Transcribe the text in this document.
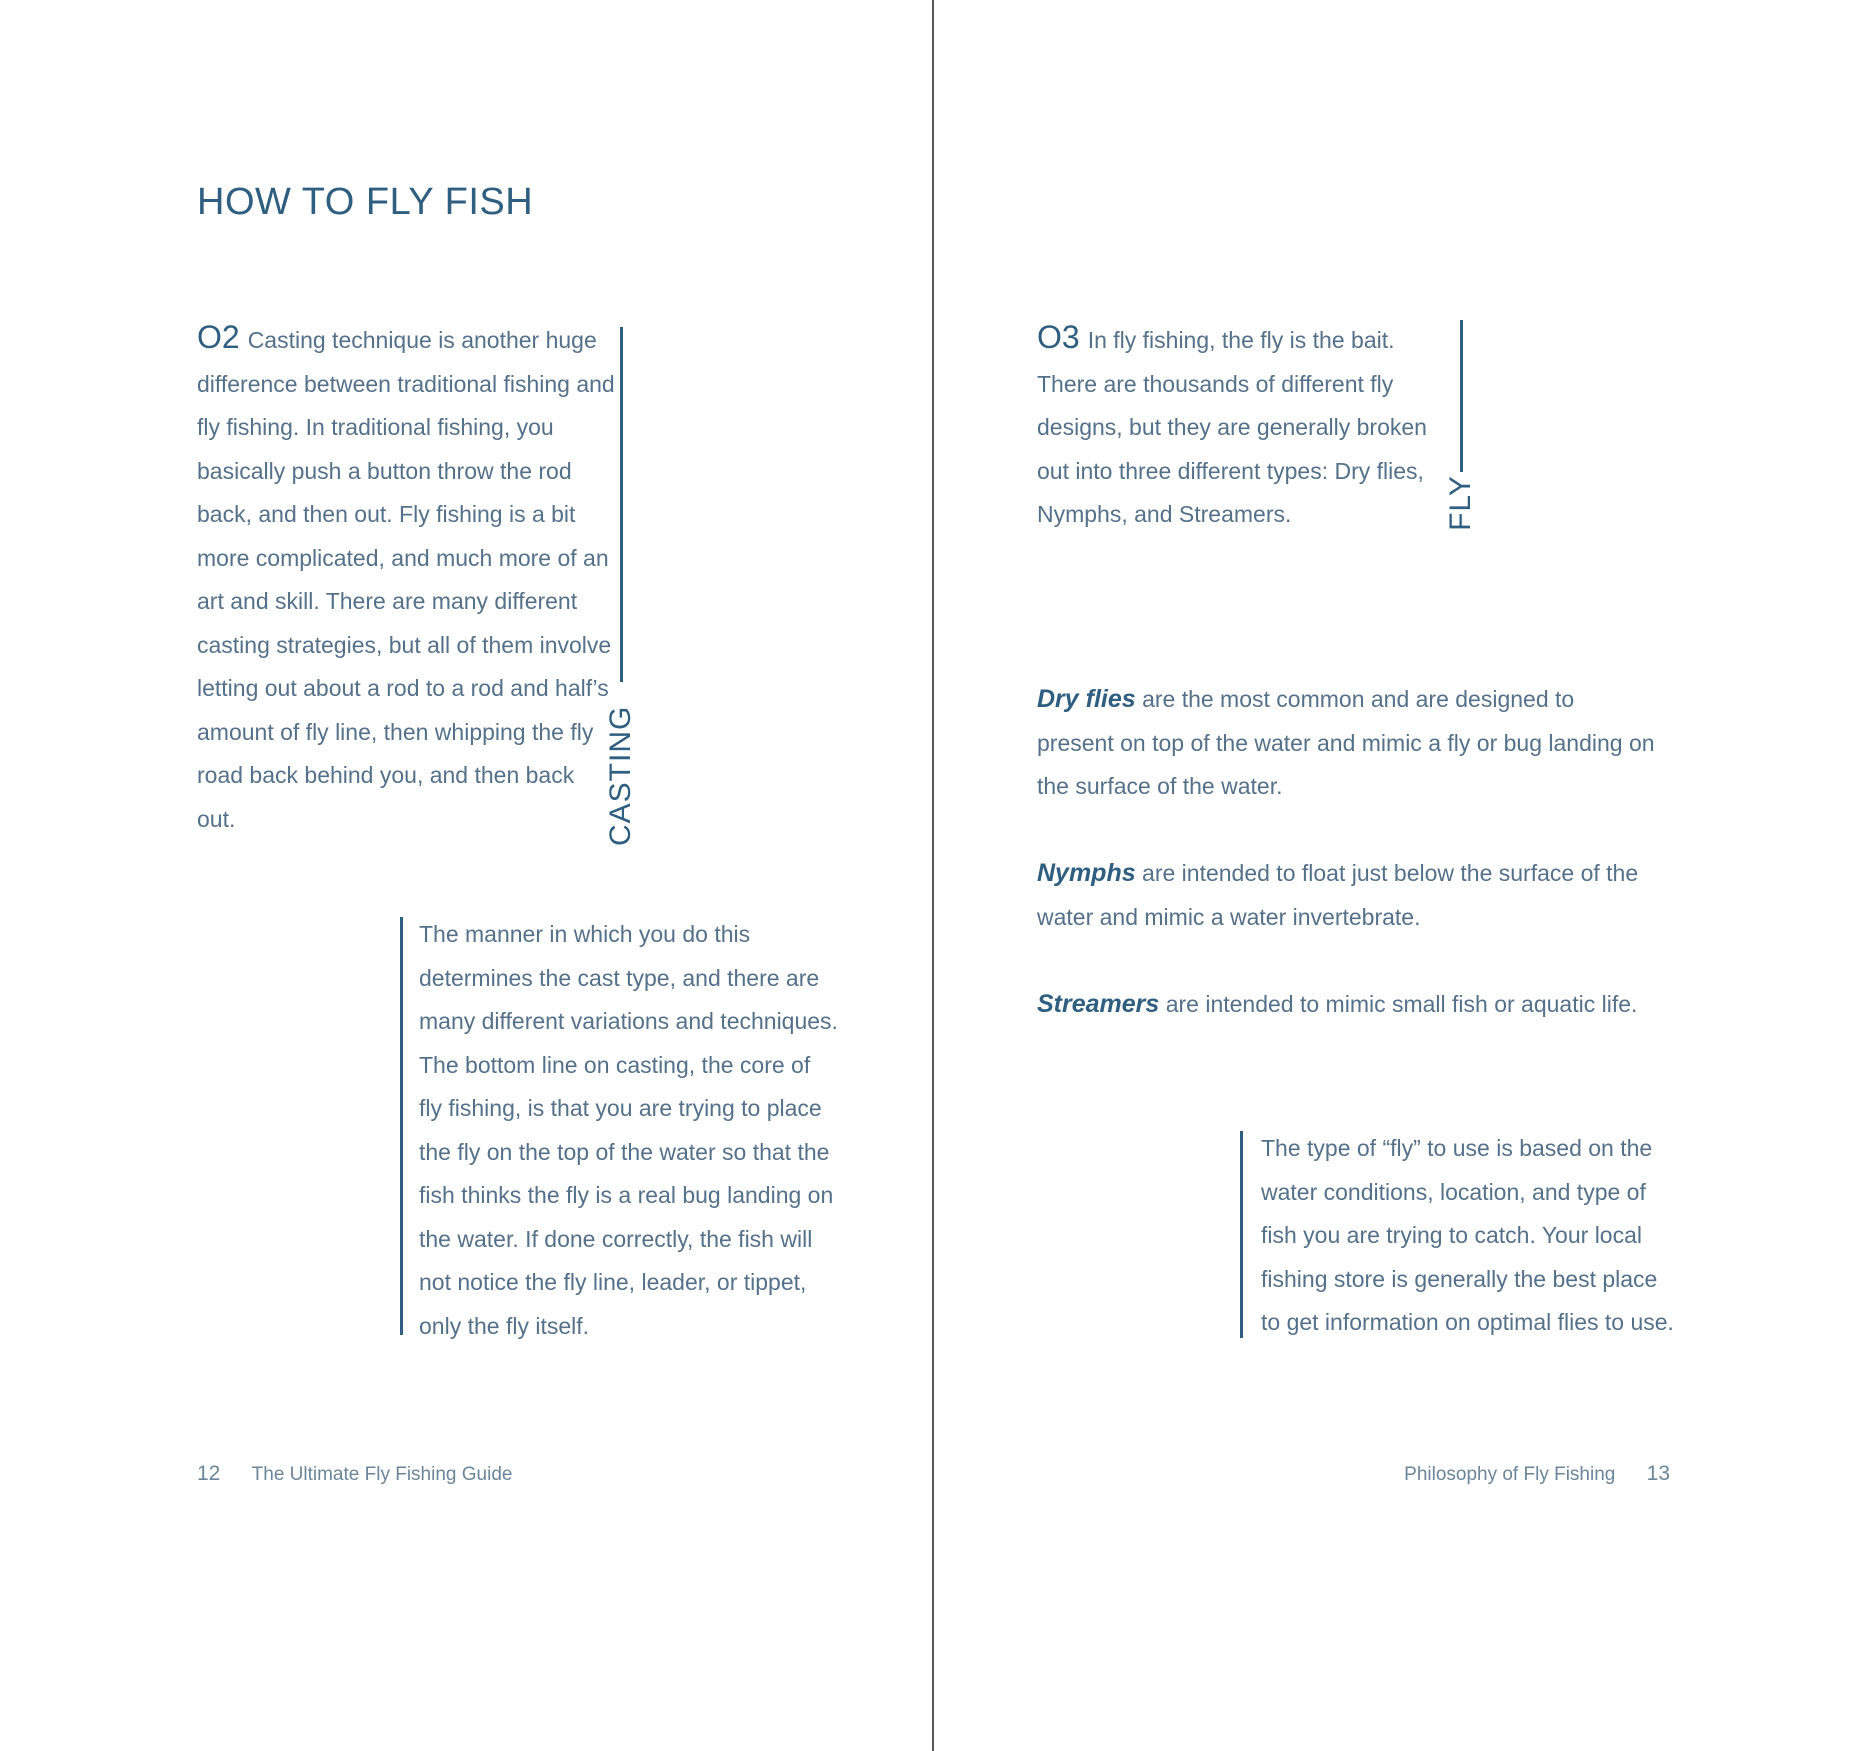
HOW TO FLY FISH

O2 Casting technique is another huge difference between traditional fishing and fly fishing. In traditional fishing, you basically push a button throw the rod back, and then out. Fly fishing is a bit more complicated, and much more of an art and skill. There are many different casting strategies, but all of them involve letting out about a rod to a rod and half’s amount of fly line, then whipping the fly road back behind you, and then back out.	CASTING

The manner in which you do this determines the cast type, and there are many different variations and techniques. The bottom line on casting, the core of fly fishing, is that you are trying to place the fly on the top of the water so that the fish thinks the fly is a real bug landing on the water. If done correctly, the fish will not notice the fly line, leader, or tippet, only the fly itself.

12 The Ultimate Fly Fishing Guide

O3 In fly fishing, the fly is the bait. There are thousands of different fly designs, but they are generally broken out into three different types: Dry flies, Nymphs, and Streamers.	FLY

Dry flies are the most common and are designed to present on top of the water and mimic a fly or bug landing on the surface of the water.

Nymphs are intended to float just below the surface of the water and mimic a water invertebrate.

Streamers are intended to mimic small fish or aquatic life.

The type of “fly” to use is based on the water conditions, location, and type of fish you are trying to catch. Your local fishing store is generally the best place to get information on optimal flies to use.

Philosophy of Fly Fishing 13
